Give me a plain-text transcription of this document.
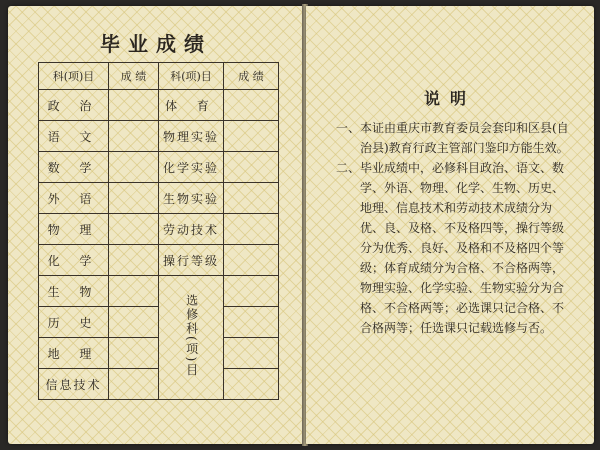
毕业成绩
科(项)目	成 绩	科(项)目	成 绩
政 治		体 育	
语 文		物理实验	
数 学		化学实验	
外 语		生物实验	
物 理		劳动技术	
化 学		操行等级	
生 物		选修科(项)目	
历 史			
地 理			
信息技术			
说明
一、本证由重庆市教育委员会套印和区县(自治县)教育行政主管部门鉴印方能生效。
二、毕业成绩中，必修科目政治、语文、数学、外语、物理、化学、生物、历史、地理、信息技术和劳动技术成绩分为优、良、及格、不及格四等，操行等级分为优秀、良好、及格和不及格四个等级；体育成绩分为合格、不合格两等，物理实验、化学实验、生物实验分为合格、不合格两等；必选课只记合格、不合格两等；任选课只记载选修与否。
